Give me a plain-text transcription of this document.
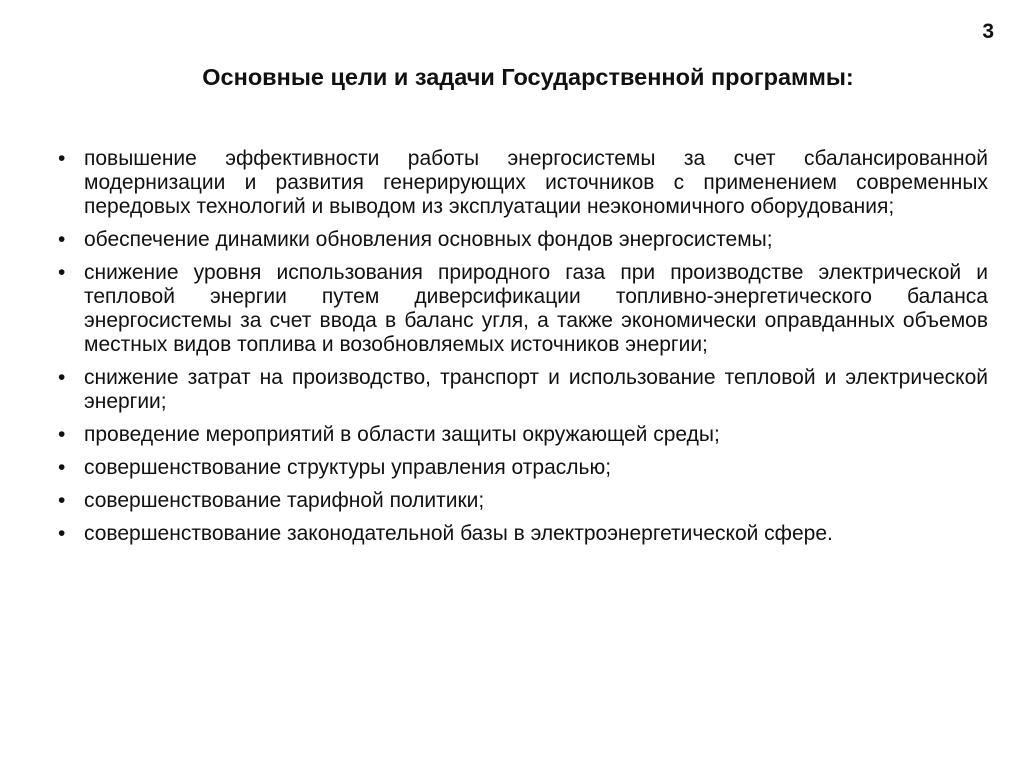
3
Основные цели и задачи Государственной программы:
• повышение эффективности работы энергосистемы за счет сбалансированной модернизации и развития генерирующих источников с применением современных передовых технологий и выводом из эксплуатации неэкономичного оборудования;
• обеспечение динамики обновления основных фондов энергосистемы;
• снижение уровня использования природного газа при производстве электрической и тепловой энергии путем диверсификации топливно-энергетического баланса энергосистемы за счет ввода в баланс угля, а также экономически оправданных объемов местных видов топлива и возобновляемых источников энергии;
• снижение затрат на производство, транспорт и использование тепловой и электрической энергии;
• проведение мероприятий в области защиты окружающей среды;
• совершенствование структуры управления отраслью;
• совершенствование тарифной политики;
• совершенствование законодательной базы в электроэнергетической сфере.
